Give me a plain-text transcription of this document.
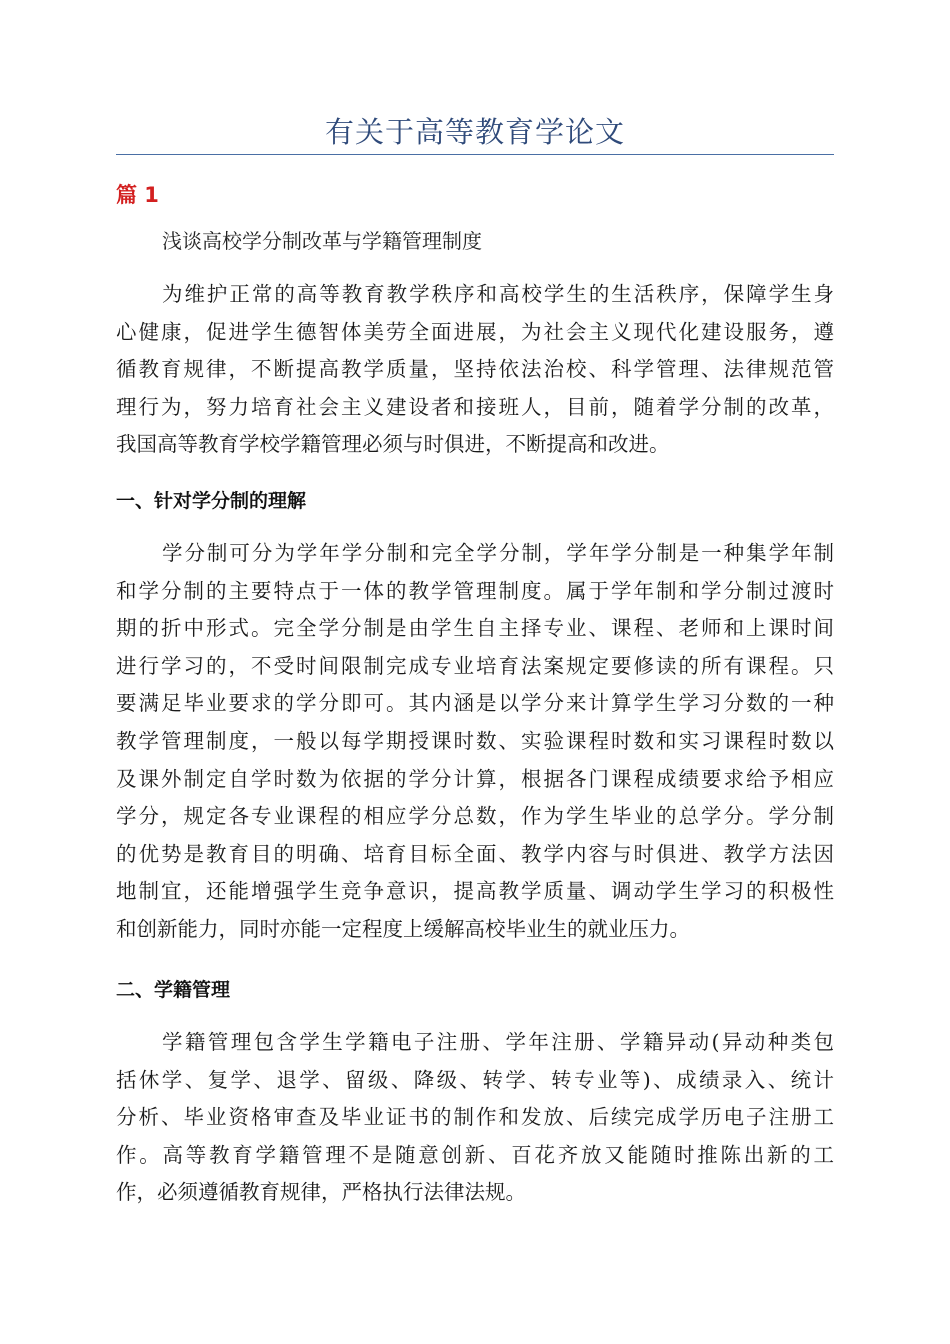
有关于高等教育学论文
篇 1
浅谈高校学分制改革与学籍管理制度

为维护正常的高等教育教学秩序和高校学生的生活秩序，保障学生身
心健康，促进学生德智体美劳全面进展，为社会主义现代化建设服务，遵
循教育规律，不断提高教学质量，坚持依法治校、科学管理、法律规范管
理行为，努力培育社会主义建设者和接班人，目前，随着学分制的改革，
我国高等教育学校学籍管理必须与时俱进，不断提高和改进。

一、针对学分制的理解

学分制可分为学年学分制和完全学分制，学年学分制是一种集学年制
和学分制的主要特点于一体的教学管理制度。属于学年制和学分制过渡时
期的折中形式。完全学分制是由学生自主择专业、课程、老师和上课时间
进行学习的，不受时间限制完成专业培育法案规定要修读的所有课程。只
要满足毕业要求的学分即可。其内涵是以学分来计算学生学习分数的一种
教学管理制度，一般以每学期授课时数、实验课程时数和实习课程时数以
及课外制定自学时数为依据的学分计算，根据各门课程成绩要求给予相应
学分，规定各专业课程的相应学分总数，作为学生毕业的总学分。学分制
的优势是教育目的明确、培育目标全面、教学内容与时俱进、教学方法因
地制宜，还能增强学生竞争意识，提高教学质量、调动学生学习的积极性
和创新能力，同时亦能一定程度上缓解高校毕业生的就业压力。

二、学籍管理

学籍管理包含学生学籍电子注册、学年注册、学籍异动(异动种类包
括休学、复学、退学、留级、降级、转学、转专业等)、成绩录入、统计
分析、毕业资格审查及毕业证书的制作和发放、后续完成学历电子注册工
作。高等教育学籍管理不是随意创新、百花齐放又能随时推陈出新的工
作，必须遵循教育规律，严格执行法律法规。
